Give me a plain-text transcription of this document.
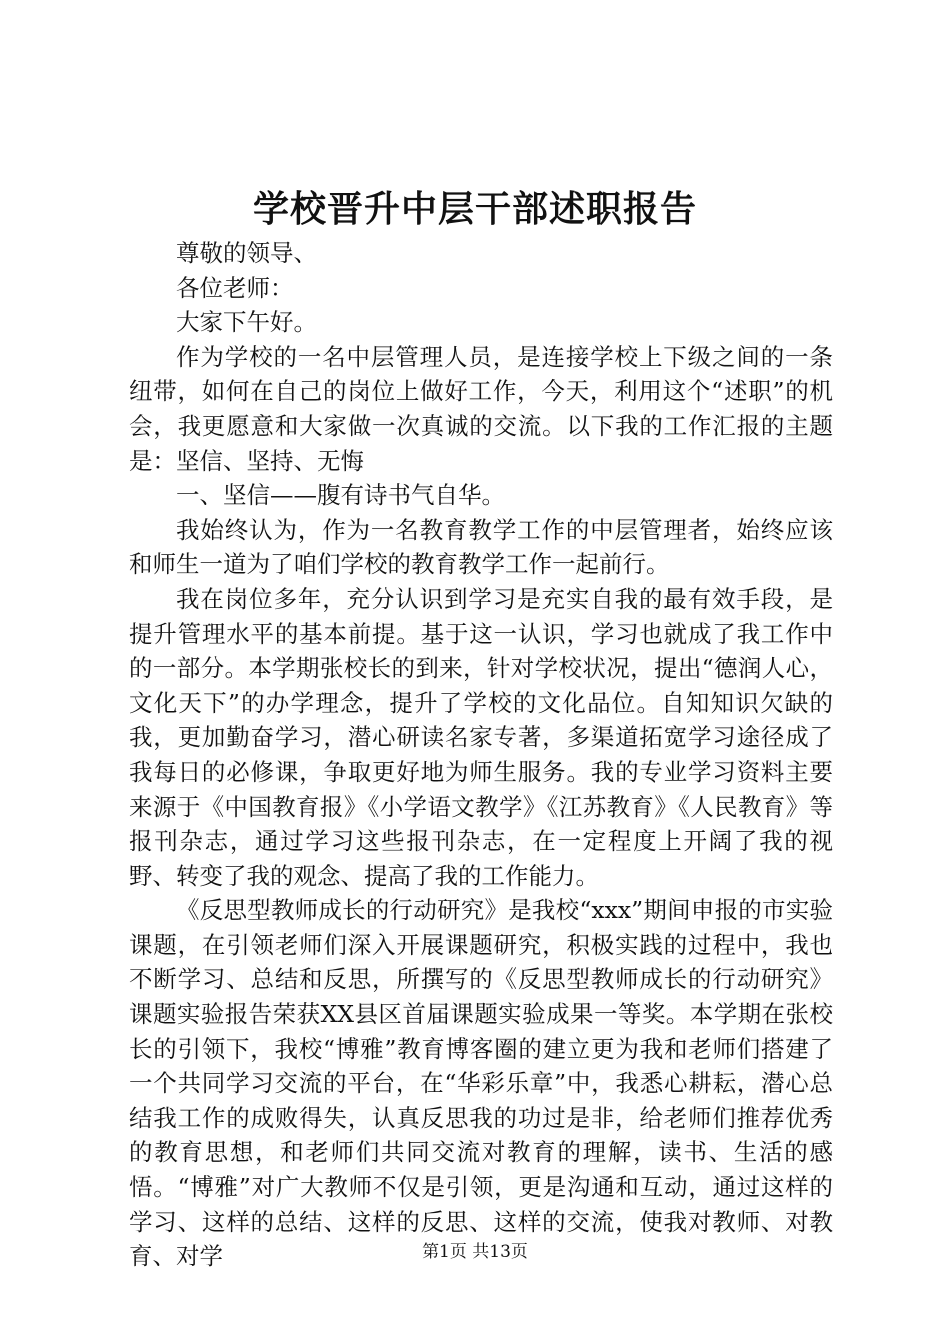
学校晋升中层干部述职报告

尊敬的领导、

各位老师：

大家下午好。

作为学校的一名中层管理人员，是连接学校上下级之间的一条纽带，如何在自己的岗位上做好工作，今天，利用这个“述职”的机会，我更愿意和大家做一次真诚的交流。以下我的工作汇报的主题是：坚信、坚持、无悔

一、坚信——腹有诗书气自华。

我始终认为，作为一名教育教学工作的中层管理者，始终应该和师生一道为了咱们学校的教育教学工作一起前行。

我在岗位多年，充分认识到学习是充实自我的最有效手段，是提升管理水平的基本前提。基于这一认识，学习也就成了我工作中的一部分。本学期张校长的到来，针对学校状况，提出“德润人心，文化天下”的办学理念，提升了学校的文化品位。自知知识欠缺的我，更加勤奋学习，潜心研读名家专著，多渠道拓宽学习途径成了我每日的必修课，争取更好地为师生服务。我的专业学习资料主要来源于《中国教育报》《小学语文教学》《江苏教育》《人民教育》等报刊杂志，通过学习这些报刊杂志，在一定程度上开阔了我的视野、转变了我的观念、提高了我的工作能力。

《反思型教师成长的行动研究》是我校“xxx”期间申报的市实验课题，在引领老师们深入开展课题研究，积极实践的过程中，我也不断学习、总结和反思，所撰写的《反思型教师成长的行动研究》课题实验报告荣获XX县区首届课题实验成果一等奖。本学期在张校长的引领下，我校“博雅”教育博客圈的建立更为我和老师们搭建了一个共同学习交流的平台，在“华彩乐章”中，我悉心耕耘，潜心总结我工作的成败得失，认真反思我的功过是非，给老师们推荐优秀的教育思想，和老师们共同交流对教育的理解，读书、生活的感悟。“博雅”对广大教师不仅是引领，更是沟通和互动，通过这样的学习、这样的总结、这样的反思、这样的交流，使我对教师、对教育、对学	第1页 共13页
